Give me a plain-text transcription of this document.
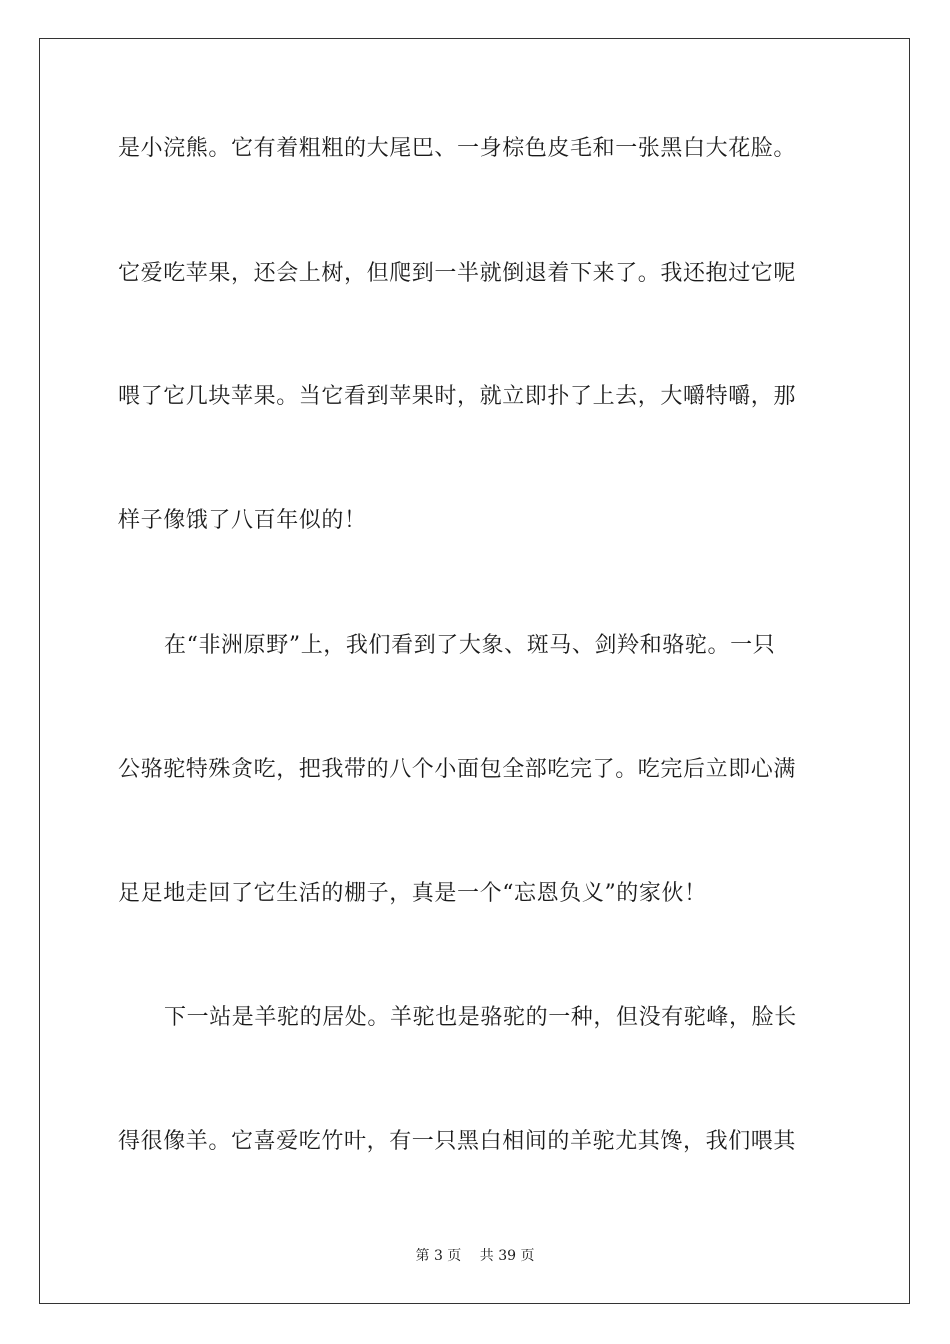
是小浣熊。它有着粗粗的大尾巴、一身棕色皮毛和一张黑白大花脸。
它爱吃苹果，还会上树，但爬到一半就倒退着下来了。我还抱过它呢
喂了它几块苹果。当它看到苹果时，就立即扑了上去，大嚼特嚼，那
样子像饿了八百年似的！
在“非洲原野”上，我们看到了大象、斑马、剑羚和骆驼。一只
公骆驼特殊贪吃，把我带的八个小面包全部吃完了。吃完后立即心满
足足地走回了它生活的棚子，真是一个“忘恩负义”的家伙！
下一站是羊驼的居处。羊驼也是骆驼的一种，但没有驼峰，脸长
得很像羊。它喜爱吃竹叶，有一只黑白相间的羊驼尤其馋，我们喂其
第 3 页 共 39 页
